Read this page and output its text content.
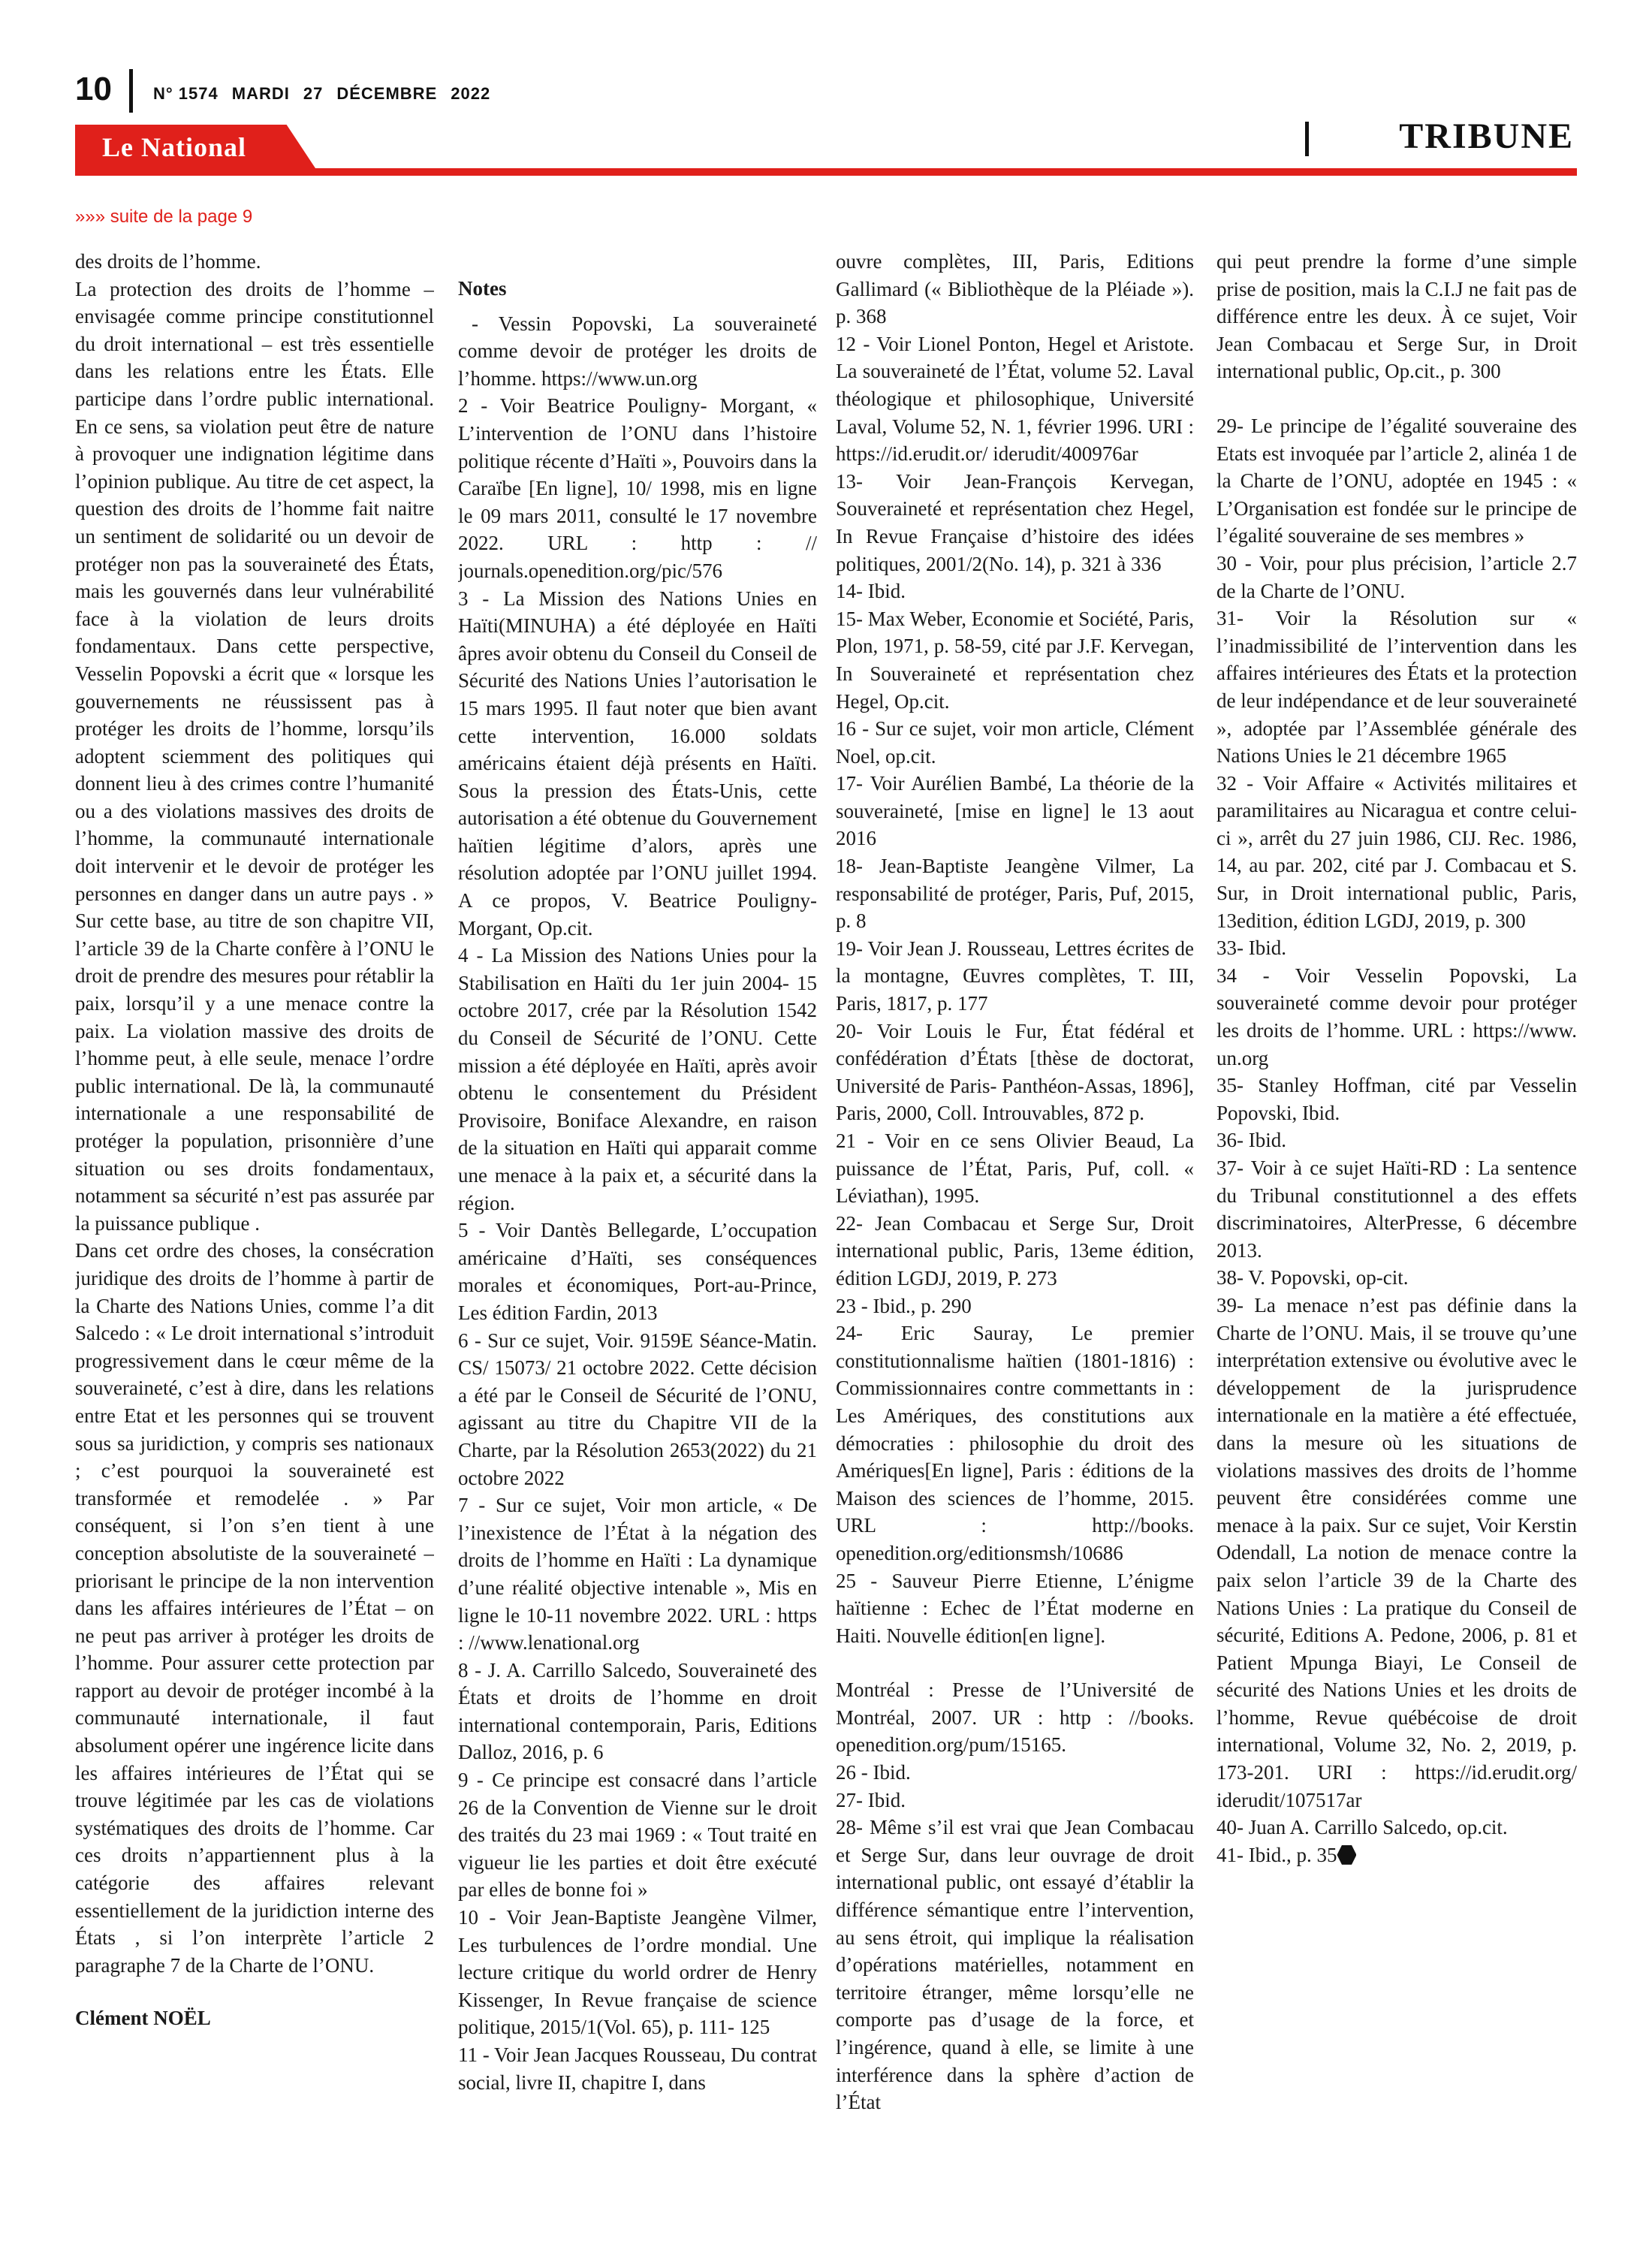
10	N° 1574 MARDI 27 DÉCEMBRE 2022
Le National	TRIBUNE
»»» suite de la page 9

des droits de l’homme.

La protection des droits de l’homme – envisagée comme principe constitutionnel du droit international – est très essentielle dans les relations entre les États. Elle participe dans l’ordre public international. En ce sens, sa violation peut être de nature à provoquer une indignation légitime dans l’opinion publique. Au titre de cet aspect, la question des droits de l’homme fait naitre un sentiment de solidarité ou un devoir de protéger non pas la souveraineté des États, mais les gouvernés dans leur vulnérabilité face à la violation de leurs droits fondamentaux. Dans cette perspective, Vesselin Popovski a écrit que « lorsque les gouvernements ne réussissent pas à protéger les droits de l’homme, lorsqu’ils adoptent sciemment des politiques qui donnent lieu à des crimes contre l’humanité ou a des violations massives des droits de l’homme, la communauté internationale doit intervenir et le devoir de protéger les personnes en danger dans un autre pays . » Sur cette base, au titre de son chapitre VII, l’article 39 de la Charte confère à l’ONU le droit de prendre des mesures pour rétablir la paix, lorsqu’il y a une menace contre la paix. La violation massive des droits de l’homme peut, à elle seule, menace l’ordre public international. De là, la communauté internationale a une responsabilité de protéger la population, prisonnière d’une situation ou ses droits fondamentaux, notamment sa sécurité n’est pas assurée par la puissance publique .

Dans cet ordre des choses, la consécration juridique des droits de l’homme à partir de la Charte des Nations Unies, comme l’a dit Salcedo : « Le droit international s’introduit progressivement dans le cœur même de la souveraineté, c’est à dire, dans les relations entre Etat et les personnes qui se trouvent sous sa juridiction, y compris ses nationaux ; c’est pourquoi la souveraineté est transformée et remodelée . » Par conséquent, si l’on s’en tient à une conception absolutiste de la souveraineté – priorisant le principe de la non intervention dans les affaires intérieures de l’État – on ne peut pas arriver à protéger les droits de l’homme. Pour assurer cette protection par rapport au devoir de protéger incombé à la communauté internationale, il faut absolument opérer une ingérence licite dans les affaires intérieures de l’État qui se trouve légitimée par les cas de violations systématiques des droits de l’homme. Car ces droits n’appartiennent plus à la catégorie des affaires relevant essentiellement de la juridiction interne des États , si l’on interprète l’article 2 paragraphe 7 de la Charte de l’ONU.

Clément NOËL

Notes

- Vessin Popovski, La souveraineté comme devoir de protéger les droits de l’homme. https://www.un.org

2 - Voir Beatrice Pouligny- Morgant, « L’intervention de l’ONU dans l’histoire politique récente d’Haïti », Pouvoirs dans la Caraïbe [En ligne], 10/ 1998, mis en ligne le 09 mars 2011, consulté le 17 novembre 2022. URL : http : // journals.openedition.org/pic/576

3 - La Mission des Nations Unies en Haïti(MINUHA) a été déployée en Haïti âpres avoir obtenu du Conseil du Conseil de Sécurité des Nations Unies l’autorisation le 15 mars 1995. Il faut noter que bien avant cette intervention, 16.000 soldats américains étaient déjà présents en Haïti. Sous la pression des États-Unis, cette autorisation a été obtenue du Gouvernement haïtien légitime d’alors, après une résolution adoptée par l’ONU juillet 1994. A ce propos, V. Beatrice Pouligny- Morgant, Op.cit.

4 - La Mission des Nations Unies pour la Stabilisation en Haïti du 1er juin 2004- 15 octobre 2017, crée par la Résolution 1542 du Conseil de Sécurité de l’ONU. Cette mission a été déployée en Haïti, après avoir obtenu le consentement du Président Provisoire, Boniface Alexandre, en raison de la situation en Haïti qui apparait comme une menace à la paix et, a sécurité dans la région.

5 - Voir Dantès Bellegarde, L’occupation américaine d’Haïti, ses conséquences morales et économiques, Port-au-Prince, Les édition Fardin, 2013

6 - Sur ce sujet, Voir. 9159E Séance-Matin. CS/ 15073/ 21 octobre 2022. Cette décision a été par le Conseil de Sécurité de l’ONU, agissant au titre du Chapitre VII de la Charte, par la Résolution 2653(2022) du 21 octobre 2022

7 - Sur ce sujet, Voir mon article, « De l’inexistence de l’État à la négation des droits de l’homme en Haïti : La dynamique d’une réalité objective intenable », Mis en ligne le 10-11 novembre 2022. URL : https : //www.lenational.org

8 - J. A. Carrillo Salcedo, Souveraineté des États et droits de l’homme en droit international contemporain, Paris, Editions Dalloz, 2016, p. 6

9 - Ce principe est consacré dans l’article 26 de la Convention de Vienne sur le droit des traités du 23 mai 1969 : « Tout traité en vigueur lie les parties et doit être exécuté par elles de bonne foi »

10 - Voir Jean-Baptiste Jeangène Vilmer, Les turbulences de l’ordre mondial. Une lecture critique du world ordrer de Henry Kissenger, In Revue française de science politique, 2015/1(Vol. 65), p. 111- 125

11 - Voir Jean Jacques Rousseau, Du contrat social, livre II, chapitre I, dans

ouvre complètes, III, Paris, Editions Gallimard (« Bibliothèque de la Pléiade »). p. 368

12 - Voir Lionel Ponton, Hegel et Aristote. La souveraineté de l’État, volume 52. Laval théologique et philosophique, Université Laval, Volume 52, N. 1, février 1996. URI : https://id.erudit.or/ iderudit/400976ar

13- Voir Jean-François Kervegan, Souveraineté et représentation chez Hegel, In Revue Française d’histoire des idées politiques, 2001/2(No. 14), p. 321 à 336

14- Ibid.

15- Max Weber, Economie et Société, Paris, Plon, 1971, p. 58-59, cité par J.F. Kervegan, In Souveraineté et représentation chez Hegel, Op.cit.

16 - Sur ce sujet, voir mon article, Clément Noel, op.cit.

17- Voir Aurélien Bambé, La théorie de la souveraineté, [mise en ligne] le 13 aout 2016

18- Jean-Baptiste Jeangène Vilmer, La responsabilité de protéger, Paris, Puf, 2015, p. 8

19- Voir Jean J. Rousseau, Lettres écrites de la montagne, Œuvres complètes, T. III, Paris, 1817, p. 177

20- Voir Louis le Fur, État fédéral et confédération d’États [thèse de doctorat, Université de Paris- Panthéon-Assas, 1896], Paris, 2000, Coll. Introuvables, 872 p.

21 - Voir en ce sens Olivier Beaud, La puissance de l’État, Paris, Puf, coll. « Léviathan), 1995.

22- Jean Combacau et Serge Sur, Droit international public, Paris, 13eme édition, édition LGDJ, 2019, P. 273

23 - Ibid., p. 290

24- Eric Sauray, Le premier constitutionnalisme haïtien (1801-1816) : Commissionnaires contre commettants in : Les Amériques, des constitutions aux démocraties : philosophie du droit des Amériques[En ligne], Paris : éditions de la Maison des sciences de l’homme, 2015. URL : http://books. openedition.org/editionsmsh/10686

25 - Sauveur Pierre Etienne, L’énigme haïtienne : Echec de l’État moderne en Haiti. Nouvelle édition[en ligne].

Montréal : Presse de l’Université de Montréal, 2007. UR : http : //books. openedition.org/pum/15165.

26 - Ibid.

27- Ibid.

28- Même s’il est vrai que Jean Combacau et Serge Sur, dans leur ouvrage de droit international public, ont essayé d’établir la différence sémantique entre l’intervention, au sens étroit, qui implique la réalisation d’opérations matérielles, notamment en territoire étranger, même lorsqu’elle ne comporte pas d’usage de la force, et l’ingérence, quand à elle, se limite à une interférence dans la sphère d’action de l’État

qui peut prendre la forme d’une simple prise de position, mais la C.I.J ne fait pas de différence entre les deux. À ce sujet, Voir Jean Combacau et Serge Sur, in Droit international public, Op.cit., p. 300

29- Le principe de l’égalité souveraine des Etats est invoquée par l’article 2, alinéa 1 de la Charte de l’ONU, adoptée en 1945 : « L’Organisation est fondée sur le principe de l’égalité souveraine de ses membres »

30 - Voir, pour plus précision, l’article 2.7 de la Charte de l’ONU.

31- Voir la Résolution sur « l’inadmissibilité de l’intervention dans les affaires intérieures des États et la protection de leur indépendance et de leur souveraineté », adoptée par l’Assemblée générale des Nations Unies le 21 décembre 1965

32 - Voir Affaire « Activités militaires et paramilitaires au Nicaragua et contre celui-ci », arrêt du 27 juin 1986, CIJ. Rec. 1986, 14, au par. 202, cité par J. Combacau et S. Sur, in Droit international public, Paris, 13edition, édition LGDJ, 2019, p. 300

33- Ibid.

34 - Voir Vesselin Popovski, La souveraineté comme devoir pour protéger les droits de l’homme. URL : https://www. un.org

35- Stanley Hoffman, cité par Vesselin Popovski, Ibid.

36- Ibid.

37- Voir à ce sujet Haïti-RD : La sentence du Tribunal constitutionnel a des effets discriminatoires, AlterPresse, 6 décembre 2013.

38- V. Popovski, op-cit.

39- La menace n’est pas définie dans la Charte de l’ONU. Mais, il se trouve qu’une interprétation extensive ou évolutive avec le développement de la jurisprudence internationale en la matière a été effectuée, dans la mesure où les situations de violations massives des droits de l’homme peuvent être considérées comme une menace à la paix. Sur ce sujet, Voir Kerstin Odendall, La notion de menace contre la paix selon l’article 39 de la Charte des Nations Unies : La pratique du Conseil de sécurité, Editions A. Pedone, 2006, p. 81 et Patient Mpunga Biayi, Le Conseil de sécurité des Nations Unies et les droits de l’homme, Revue québécoise de droit international, Volume 32, No. 2, 2019, p. 173-201. URI : https://id.erudit.org/ iderudit/107517ar

40- Juan A. Carrillo Salcedo, op.cit.

41- Ibid., p. 35
